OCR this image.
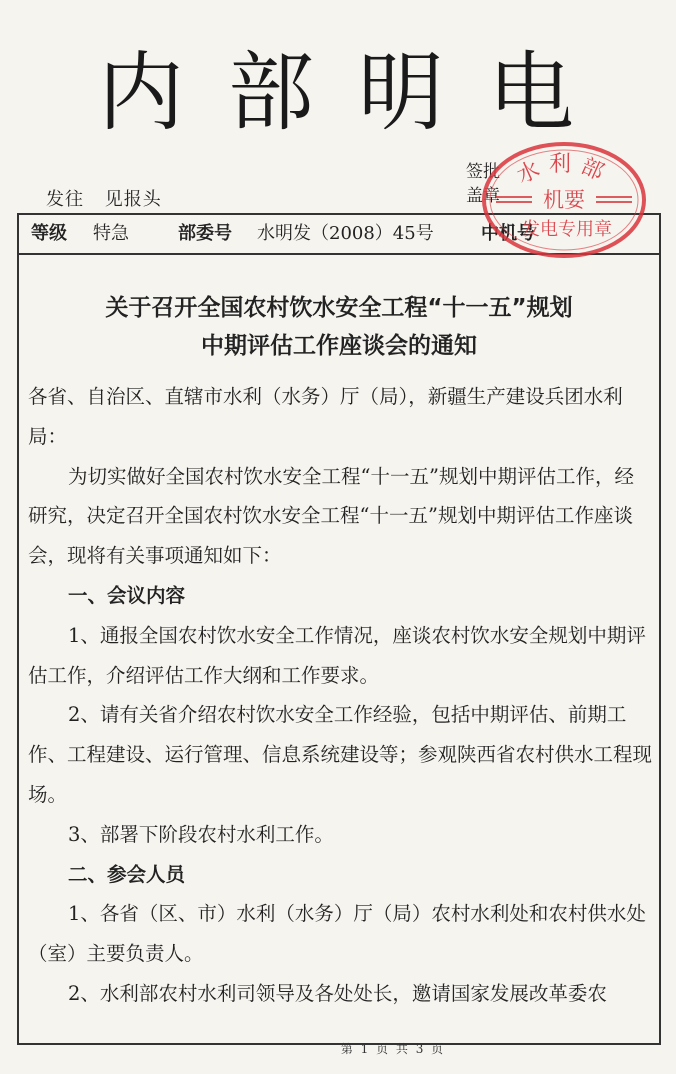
内部明电
签批
盖章
发往 见报头
等级 特急	部委号 水明发（2008）45号	中机号
关于召开全国农村饮水安全工程“十一五”规划
中期评估工作座谈会的通知

各省、自治区、直辖市水利（水务）厅（局），新疆生产建设兵团水利局：

为切实做好全国农村饮水安全工程“十一五”规划中期评估工作，经研究，决定召开全国农村饮水安全工程“十一五”规划中期评估工作座谈会，现将有关事项通知如下：

一、会议内容

1、通报全国农村饮水安全工作情况，座谈农村饮水安全规划中期评估工作，介绍评估工作大纲和工作要求。

2、请有关省介绍农村饮水安全工作经验，包括中期评估、前期工作、工程建设、运行管理、信息系统建设等；参观陕西省农村供水工程现场。

3、部署下阶段农村水利工作。

二、参会人员

1、各省（区、市）水利（水务）厅（局）农村水利处和农村供水处（室）主要负责人。

2、水利部农村水利司领导及各处处长，邀请国家发展改革委农

水利部
机要
发电专用章
第 1 页 共 3 页
